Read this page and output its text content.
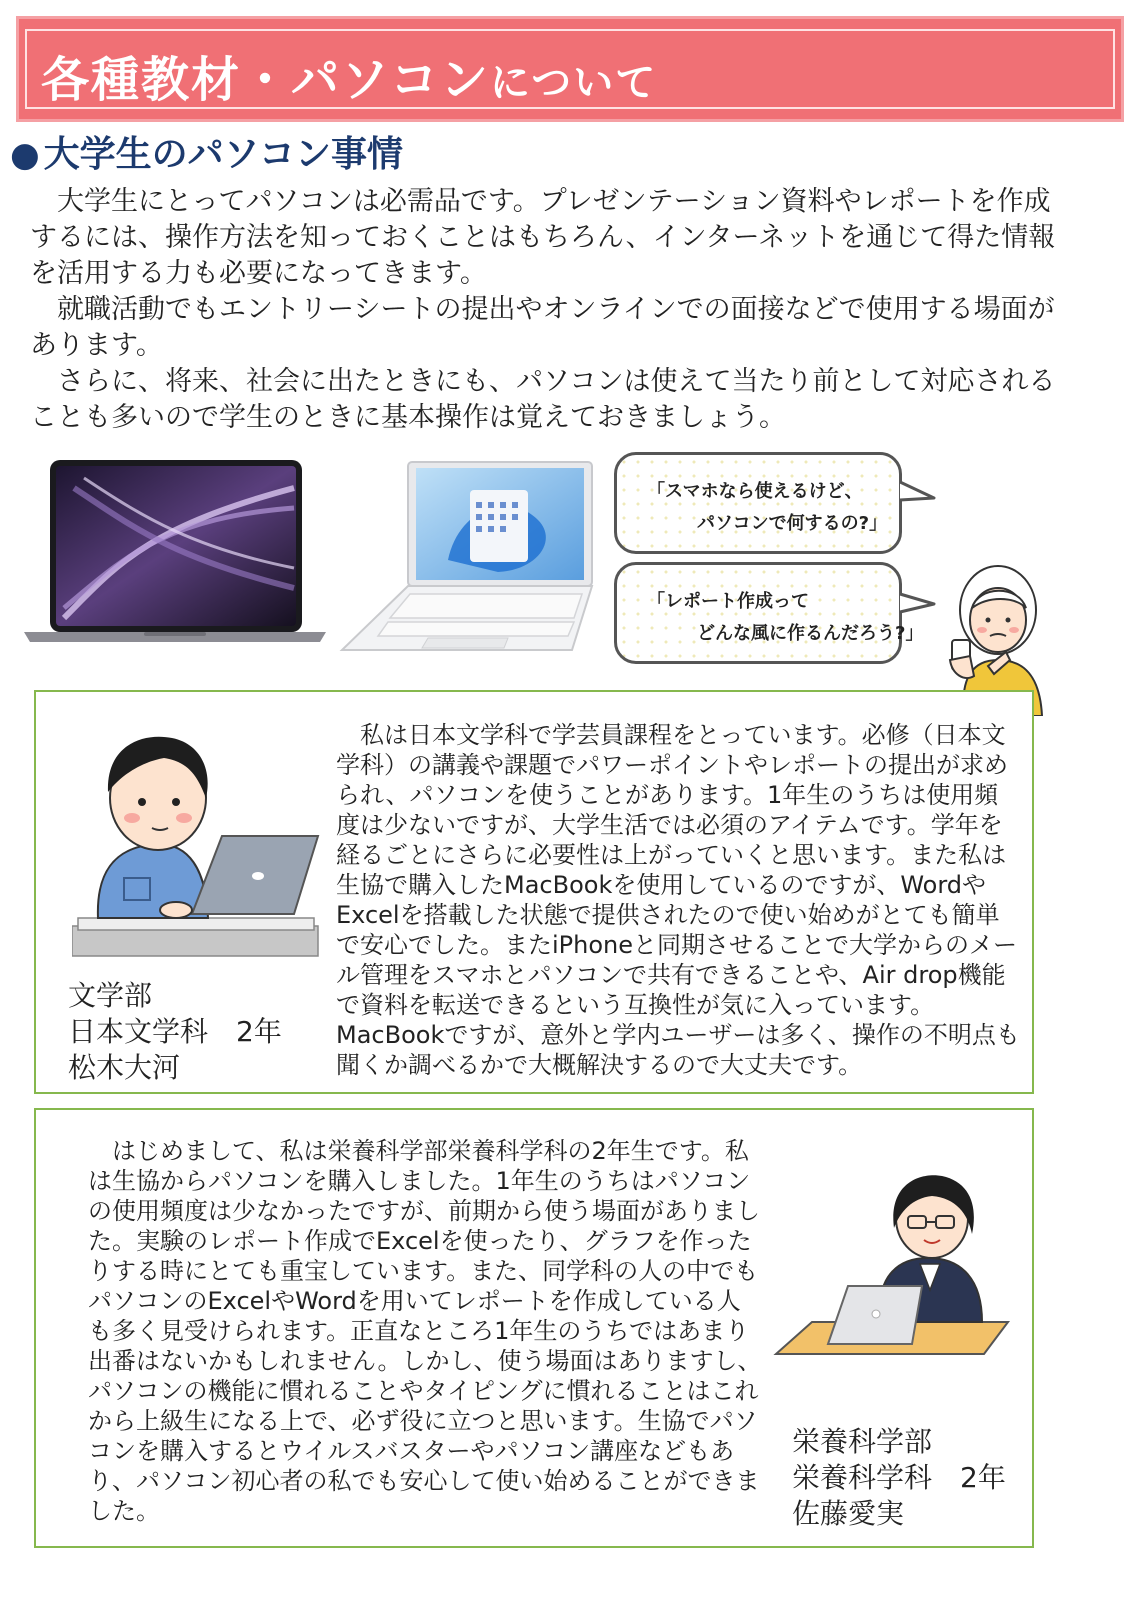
各種教材・パソコンについて
● 大学生のパソコン事情

大学生にとってパソコンは必需品です。プレゼンテーション資料やレポートを作成するには、操作方法を知っておくことはもちろん、インターネットを通じて得た情報を活用する力も必要になってきます。

就職活動でもエントリーシートの提出やオンラインでの面接などで使用する場面があります。

さらに、将来、社会に出たときにも、パソコンは使えて当たり前として対応されることも多いので学生のときに基本操作は覚えておきましょう。

「スマホなら使えるけど、
パソコンで何するの?」
「レポート作成って
どんな風に作るんだろう?」
文学部
日本文学科　2年
松木大河

私は日本文学科で学芸員課程をとっています。必修（日本文学科）の講義や課題でパワーポイントやレポートの提出が求められ、パソコンを使うことがあります。1年生のうちは使用頻度は少ないですが、大学生活では必須のアイテムです。学年を経るごとにさらに必要性は上がっていくと思います。また私は生協で購入したMacBookを使用しているのですが、WordやExcelを搭載した状態で提供されたので使い始めがとても簡単で安心でした。またiPhoneと同期させることで大学からのメール管理をスマホとパソコンで共有できることや、Air drop機能で資料を転送できるという互換性が気に入っています。MacBookですが、意外と学内ユーザーは多く、操作の不明点も聞くか調べるかで大概解決するので大丈夫です。

はじめまして、私は栄養科学部栄養科学科の2年生です。私は生協からパソコンを購入しました。1年生のうちはパソコンの使用頻度は少なかったですが、前期から使う場面がありました。実験のレポート作成でExcelを使ったり、グラフを作ったりする時にとても重宝しています。また、同学科の人の中でもパソコンのExcelやWordを用いてレポートを作成している人も多く見受けられます。正直なところ1年生のうちではあまり出番はないかもしれません。しかし、使う場面はありますし、パソコンの機能に慣れることやタイピングに慣れることはこれから上級生になる上で、必ず役に立つと思います。生協でパソコンを購入するとウイルスバスターやパソコン講座などもあり、パソコン初心者の私でも安心して使い始めることができました。

栄養科学部
栄養科学科　2年
佐藤愛実
